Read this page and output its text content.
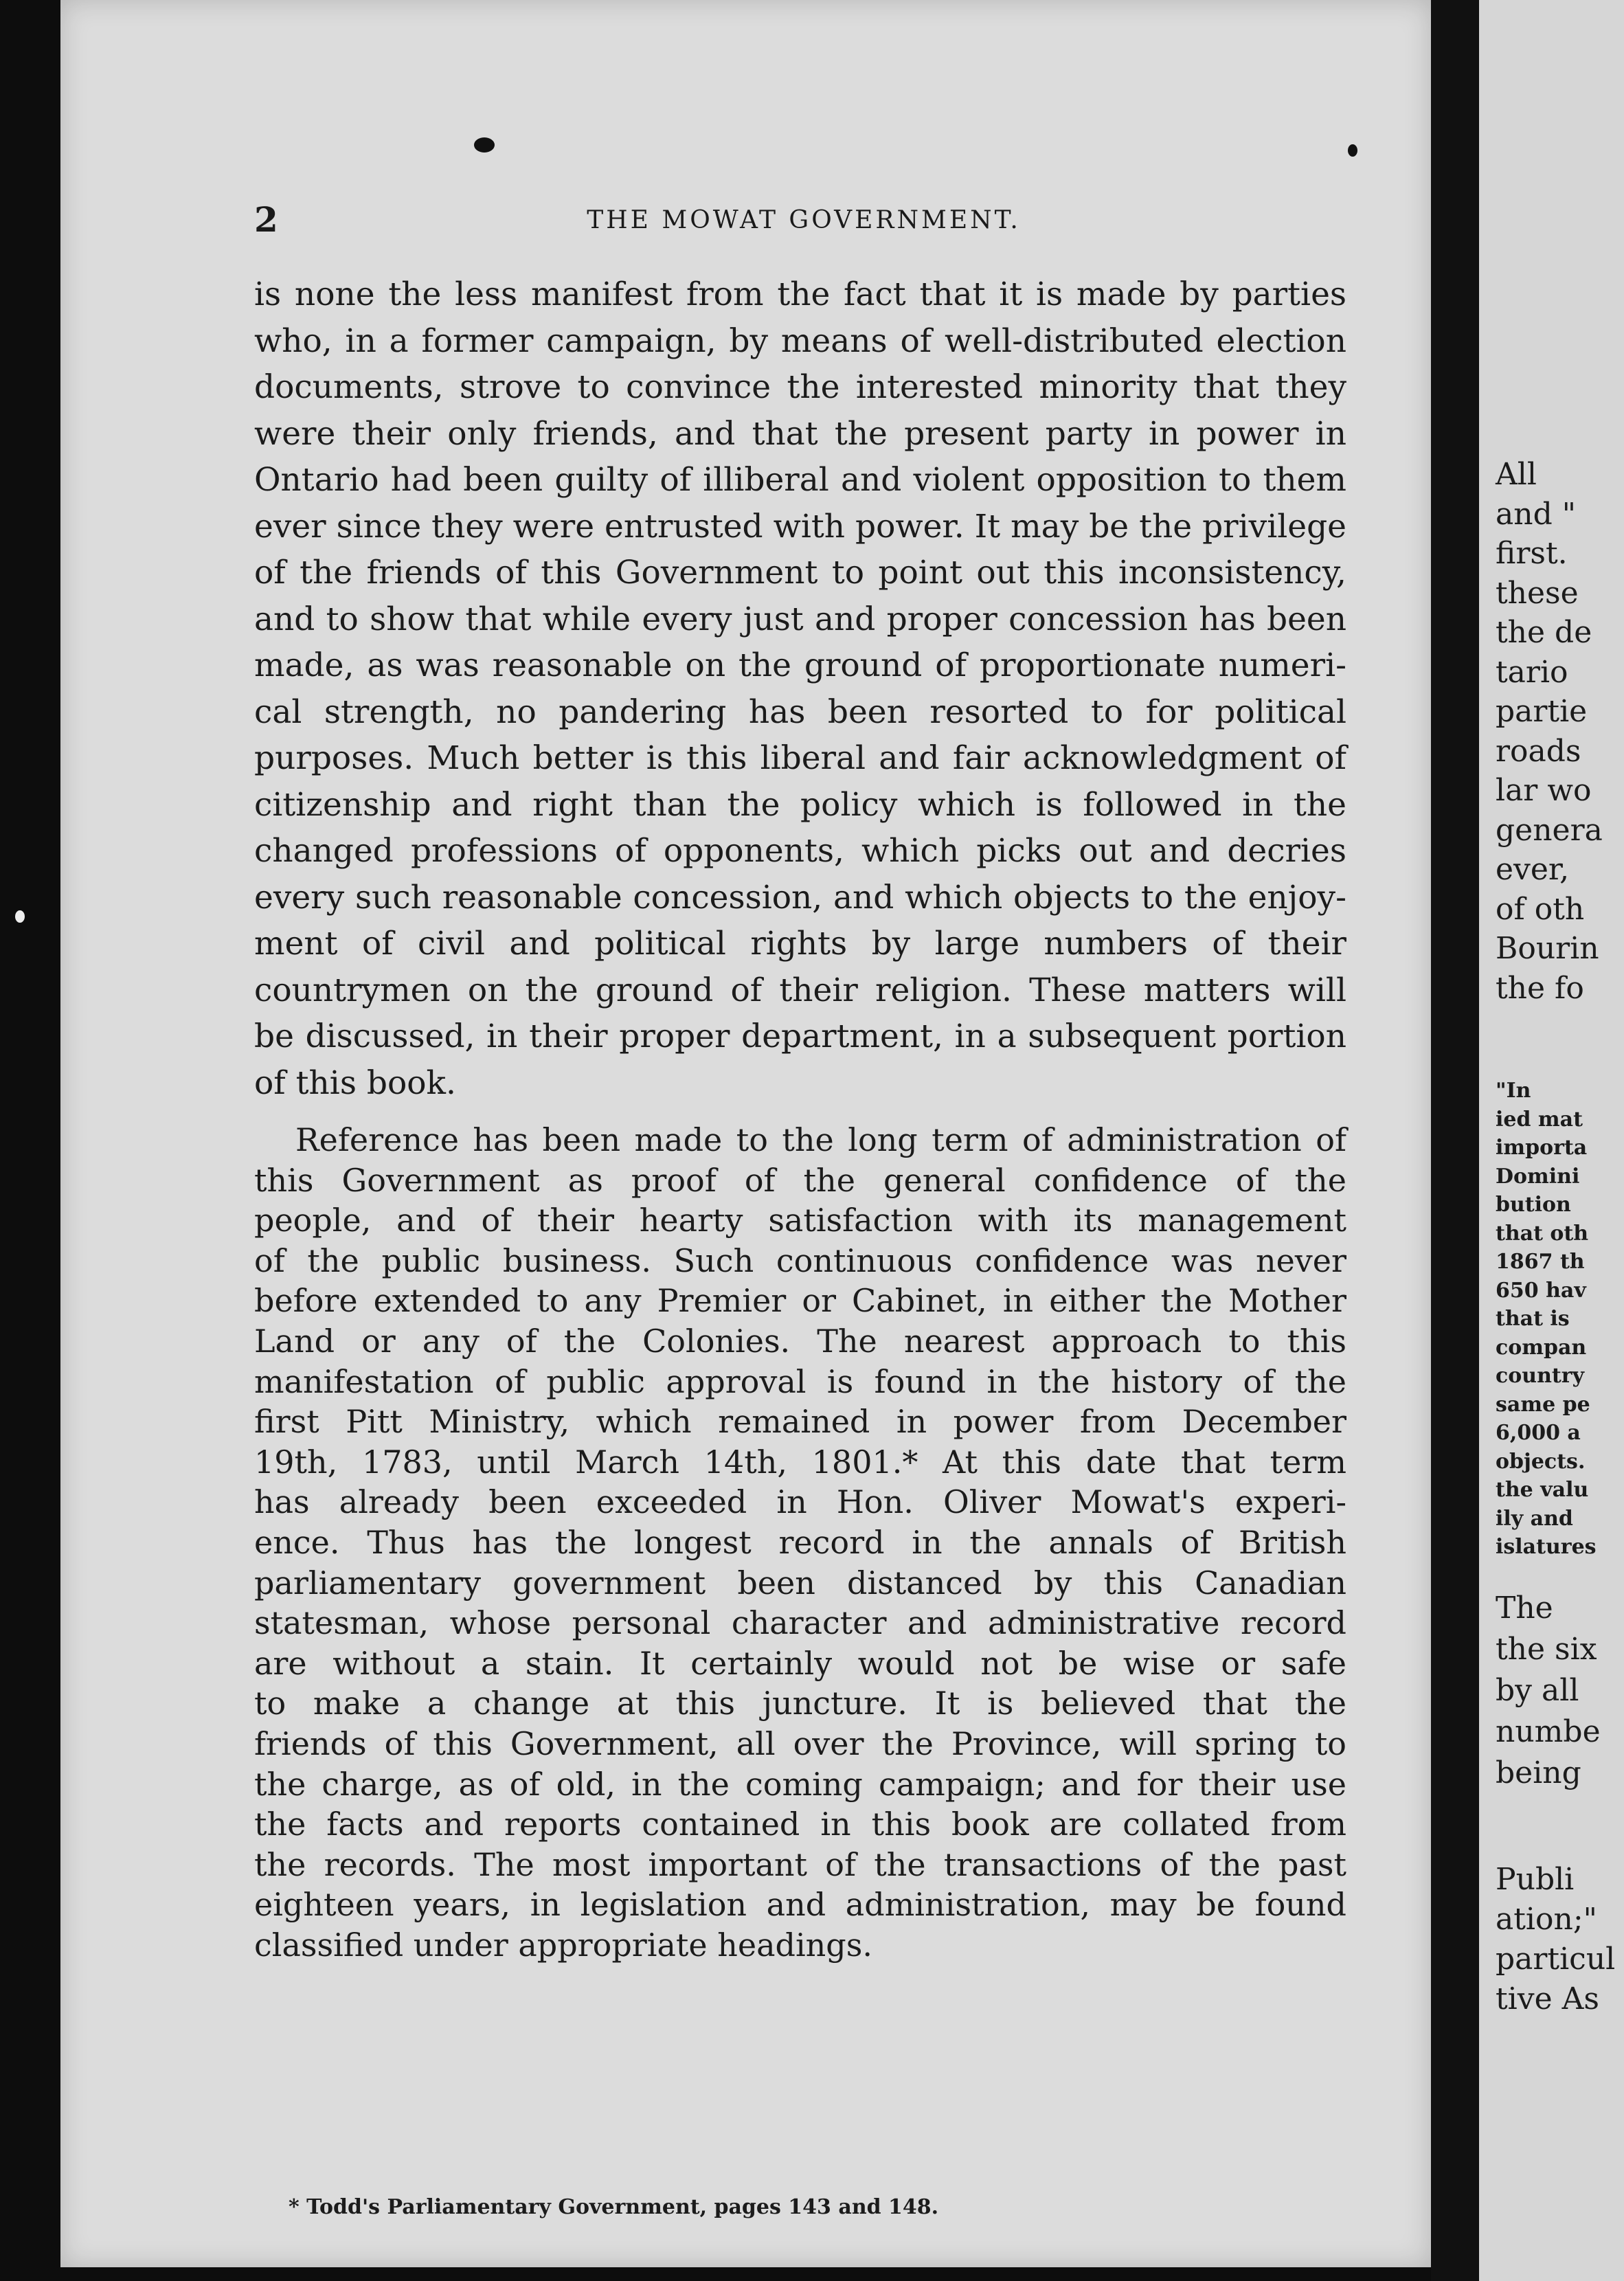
All
and "
first.
these
the de
tario
partie
roads
lar wo
genera
ever,
of oth
Bourin
the fo
"In
ied mat
importa
Domini
bution
that oth
1867 th
650 hav
that is
compan
country
same pe
6,000 a
objects.
the valu
ily and
islatures
The
the six
by all
numbe
being
Publi
ation;"
particul
tive As
2	THE MOWAT GOVERNMENT.
is none the less manifest from the fact that it is made by parties
who, in a former campaign, by means of well-distributed election
documents, strove to convince the interested minority that they
were their only friends, and that the present party in power in
Ontario had been guilty of illiberal and violent opposition to them
ever since they were entrusted with power. It may be the privilege
of the friends of this Government to point out this inconsistency,
and to show that while every just and proper concession has been
made, as was reasonable on the ground of proportionate numeri-
cal strength, no pandering has been resorted to for political
purposes. Much better is this liberal and fair acknowledgment of
citizenship and right than the policy which is followed in the
changed professions of opponents, which picks out and decries
every such reasonable concession, and which objects to the enjoy-
ment of civil and political rights by large numbers of their
countrymen on the ground of their religion. These matters will
be discussed, in their proper department, in a subsequent portion
of this book.
Reference has been made to the long term of administration of
this Government as proof of the general confidence of the
people, and of their hearty satisfaction with its management
of the public business. Such continuous confidence was never
before extended to any Premier or Cabinet, in either the Mother
Land or any of the Colonies. The nearest approach to this
manifestation of public approval is found in the history of the
first Pitt Ministry, which remained in power from December
19th, 1783, until March 14th, 1801.* At this date that term
has already been exceeded in Hon. Oliver Mowat's experi-
ence. Thus has the longest record in the annals of British
parliamentary government been distanced by this Canadian
statesman, whose personal character and administrative record
are without a stain. It certainly would not be wise or safe
to make a change at this juncture. It is believed that the
friends of this Government, all over the Province, will spring to
the charge, as of old, in the coming campaign; and for their use
the facts and reports contained in this book are collated from
the records. The most important of the transactions of the past
eighteen years, in legislation and administration, may be found
classified under appropriate headings.
* Todd's Parliamentary Government, pages 143 and 148.
